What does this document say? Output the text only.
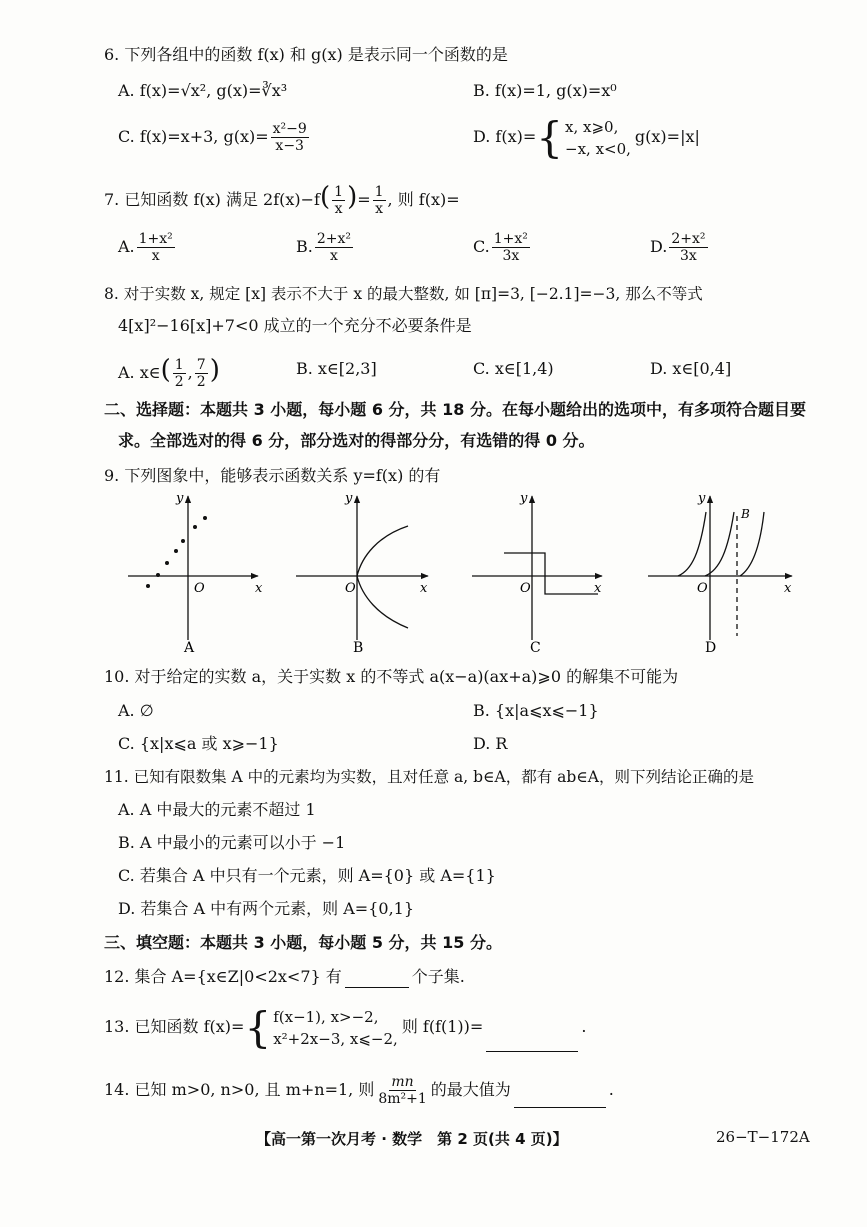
6. 下列各组中的函数 f(x) 和 g(x) 是表示同一个函数的是
A. f(x)=√x², g(x)=∛x³	B. f(x)=1, g(x)=x⁰
C. f(x)=x+3, $g(x)= \frac{\text{x²−9}}{x-3}$	D. f(x)={ x, x⩾0,
−x, x<0,
g(x)=|x|
7. 已知函数 f(x) 满足 $2f(x)-f( \frac{1}{x}$ )= $\frac{1}{x}$ , 则 f(x)=
A. $\frac{\text{1+x²}}{x}$	B. $\frac{\text{2+x²}}{x}$	C. $\frac{\text{1+x²}}{3x}$	D. $\frac{\text{2+x²}}{3x}$
8. 对于实数 x, 规定 [x] 表示不大于 x 的最大整数, 如 [π]=3, [−2.1]=−3, 那么不等式
4[x]²−16[x]+7<0 成立的一个充分不必要条件是
A. x∈( $\frac{1}{2}$ , $\frac{7}{2}$ )	B. x∈[2,3]	C. x∈[1,4)	D. x∈[0,4]
二、选择题：本题共 3 小题，每小题 6 分，共 18 分。在每小题给出的选项中，有多项符合题目要
求。全部选对的得 6 分，部分选对的得部分分，有选错的得 0 分。
9. 下列图象中，能够表示函数关系 y=f(x) 的有
x
y
O
A
x
y
O
B
x
y
O
C
x
y
O
B
D
10. 对于给定的实数 a，关于实数 x 的不等式 a(x−a)(ax+a)⩾0 的解集不可能为
A. ∅	B. {x|a⩽x⩽−1}
C. {x|x⩽a 或 x⩾−1}	D. R
11. 已知有限数集 A 中的元素均为实数，且对任意 a, b∈A，都有 ab∈A，则下列结论正确的是
A. A 中最大的元素不超过 1
B. A 中最小的元素可以小于 −1
C. 若集合 A 中只有一个元素，则 A={0} 或 A={1}
D. 若集合 A 中有两个元素，则 A={0,1}
三、填空题：本题共 3 小题，每小题 5 分，共 15 分。
12. 集合 A={x∈Z|0<2x<7} 有	个子集.
13. 已知函数 f(x)={ f(x−1), x>−2,
x²+2x−3, x⩽−2,
则 f(f(1))=	.
14. 已知 m>0, n>0, 且 m+n=1, 则 $\frac{mn}{\text{8m²+1}}$ 的最大值为	.
【高一第一次月考 · 数学　第 2 页(共 4 页)】	26−T−172A
